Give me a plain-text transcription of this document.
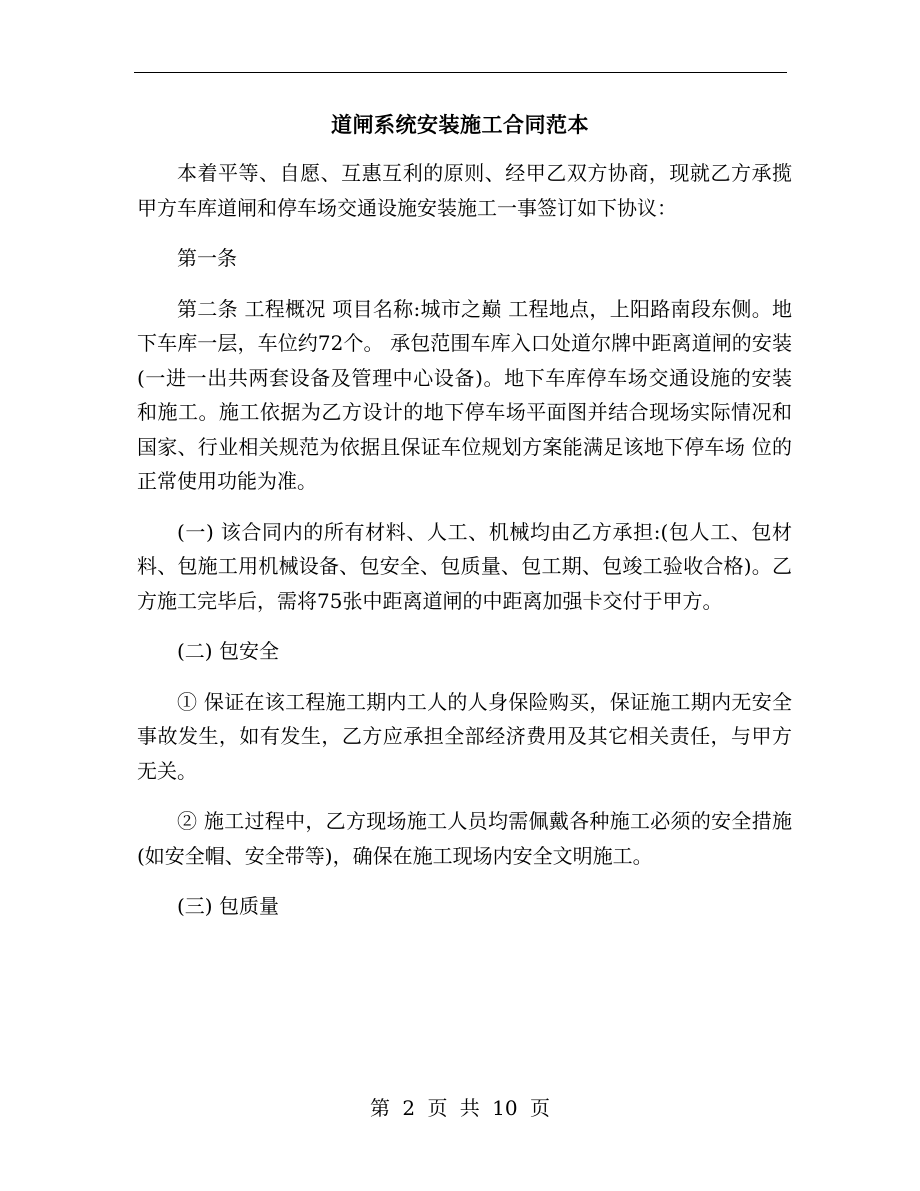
道闸系统安装施工合同范本

本着平等、自愿、互惠互利的原则、经甲乙双方协商，现就乙方承揽甲方车库道闸和停车场交通设施安装施工一事签订如下协议：

第一条

第二条 工程概况 项目名称:城市之巅 工程地点，上阳路南段东侧。地下车库一层，车位约72个。 承包范围车库入口处道尔牌中距离道闸的安装(一进一出共两套设备及管理中心设备)。地下车库停车场交通设施的安装和施工。施工依据为乙方设计的地下停车场平面图并结合现场实际情况和国家、行业相关规范为依据且保证车位规划方案能满足该地下停车场 位的正常使用功能为准。

(一) 该合同内的所有材料、人工、机械均由乙方承担:(包人工、包材料、包施工用机械设备、包安全、包质量、包工期、包竣工验收合格)。乙方施工完毕后，需将75张中距离道闸的中距离加强卡交付于甲方。

(二) 包安全

① 保证在该工程施工期内工人的人身保险购买，保证施工期内无安全事故发生，如有发生，乙方应承担全部经济费用及其它相关责任，与甲方无关。

② 施工过程中，乙方现场施工人员均需佩戴各种施工必须的安全措施(如安全帽、安全带等)，确保在施工现场内安全文明施工。

(三) 包质量

第 2 页 共 10 页
